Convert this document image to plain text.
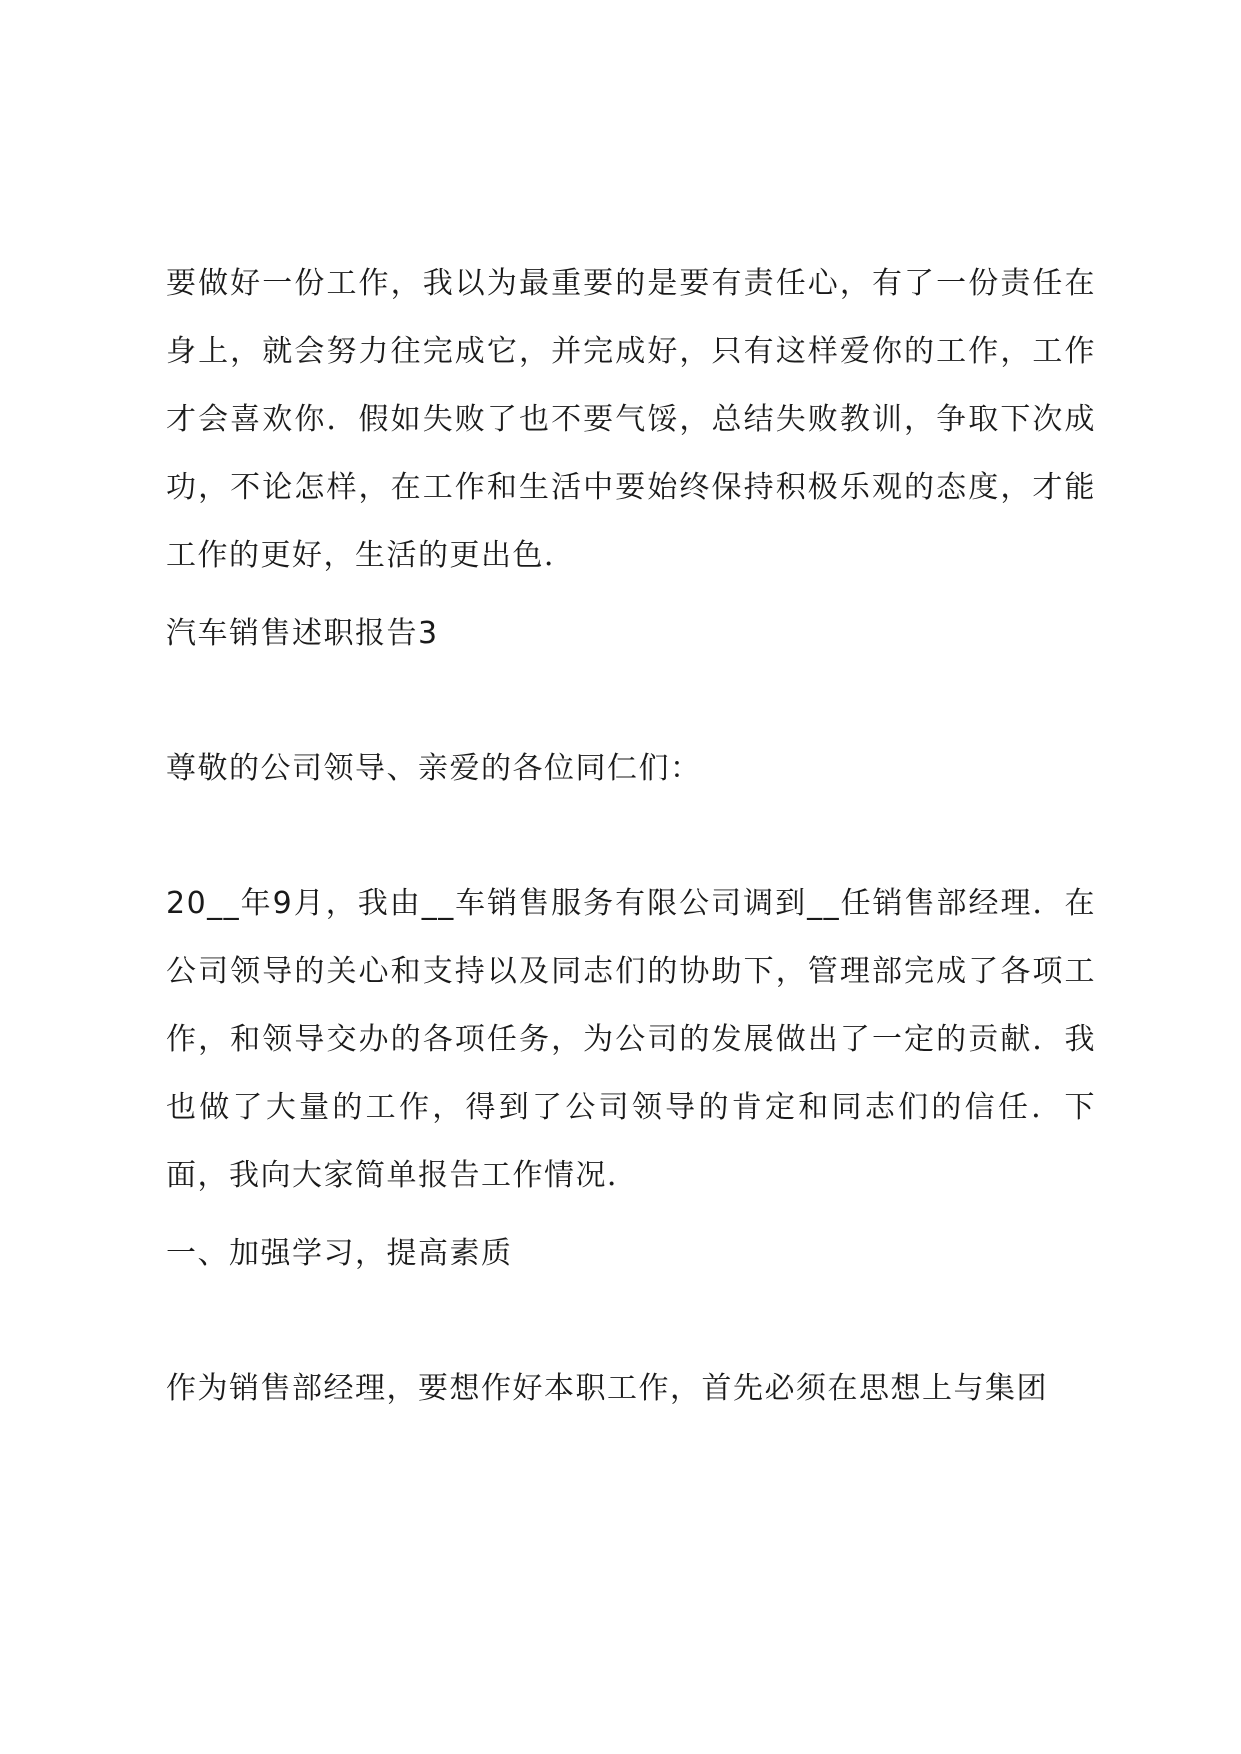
要做好一份工作，我以为最重要的是要有责任心，有了一份责任在身上，就会努力往完成它，并完成好，只有这样爱你的工作，工作才会喜欢你．假如失败了也不要气馁，总结失败教训，争取下次成功，不论怎样，在工作和生活中要始终保持积极乐观的态度，才能工作的更好，生活的更出色．

汽车销售述职报告3

尊敬的公司领导、亲爱的各位同仁们：

20__年9月，我由__车销售服务有限公司调到__任销售部经理．在公司领导的关心和支持以及同志们的协助下，管理部完成了各项工作，和领导交办的各项任务，为公司的发展做出了一定的贡献．我也做了大量的工作，得到了公司领导的肯定和同志们的信任．下面，我向大家简单报告工作情况．

一、加强学习，提高素质

作为销售部经理，要想作好本职工作，首先必须在思想上与集团
